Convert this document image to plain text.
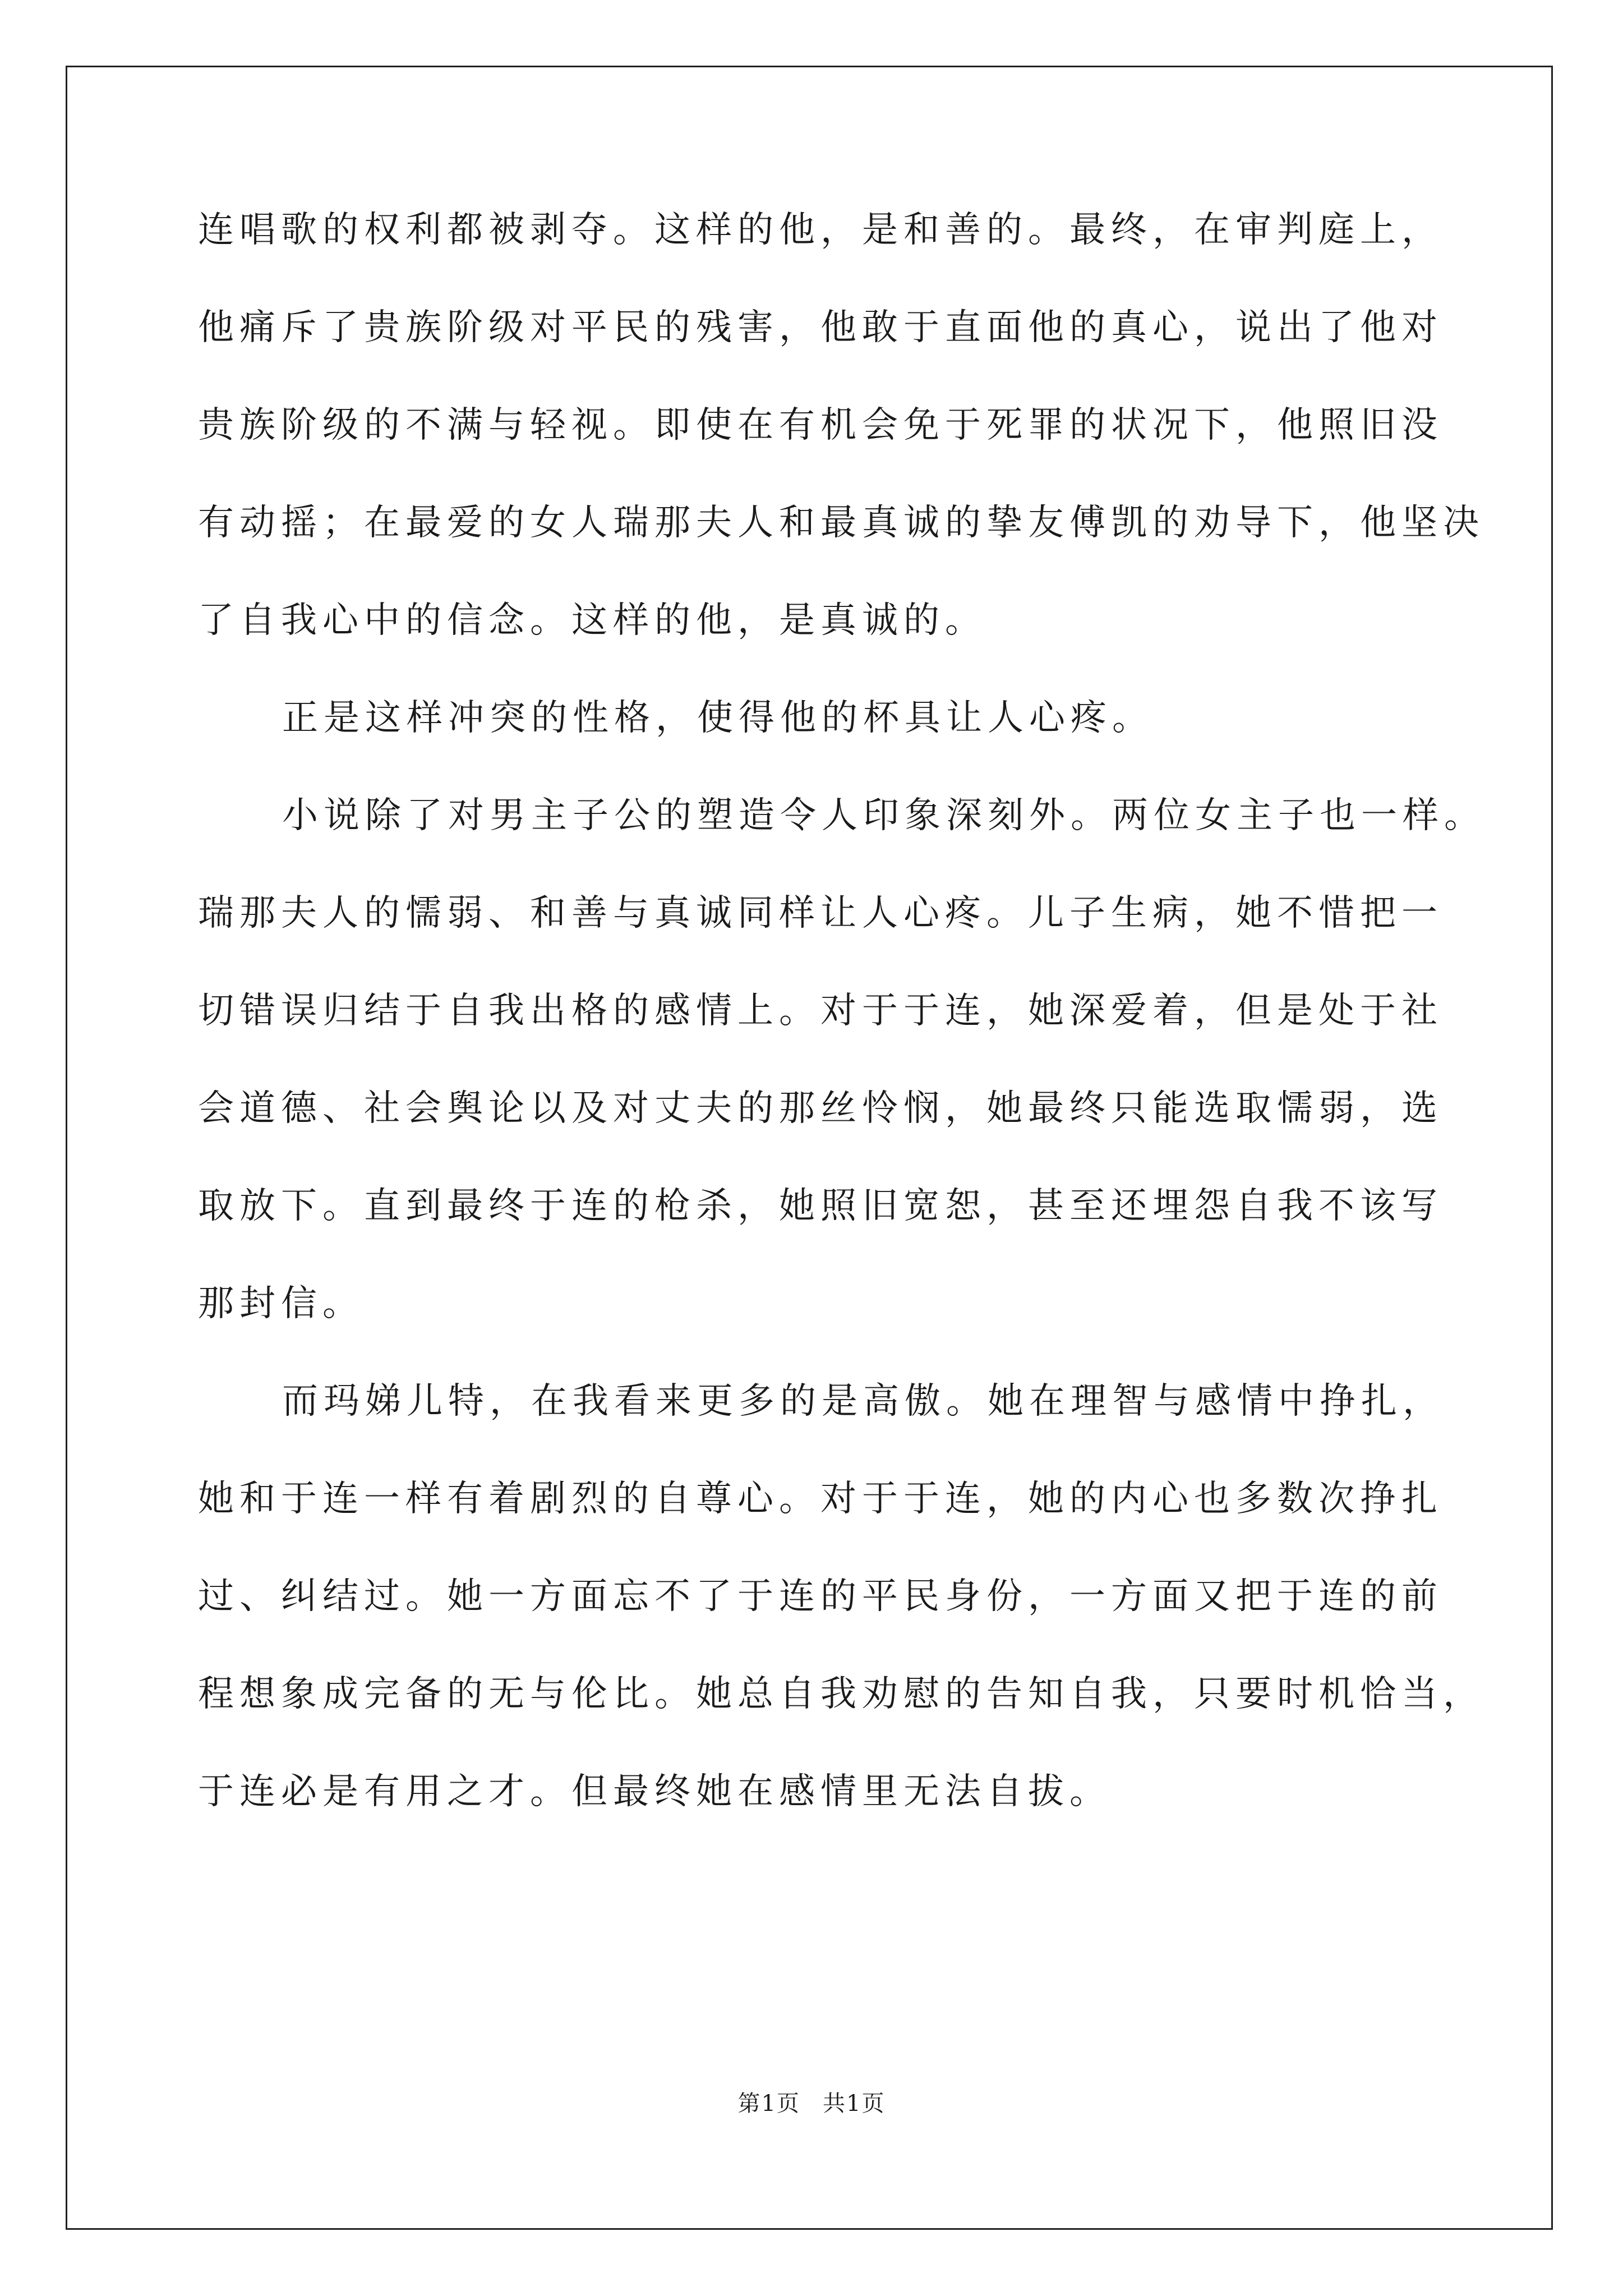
连唱歌的权利都被剥夺。这样的他，是和善的。最终，在审判庭上，
他痛斥了贵族阶级对平民的残害，他敢于直面他的真心，说出了他对
贵族阶级的不满与轻视。即使在有机会免于死罪的状况下，他照旧没
有动摇；在最爱的女人瑞那夫人和最真诚的挚友傅凯的劝导下，他坚决
了自我心中的信念。这样的他，是真诚的。
正是这样冲突的性格，使得他的杯具让人心疼。
小说除了对男主子公的塑造令人印象深刻外。两位女主子也一样。
瑞那夫人的懦弱、和善与真诚同样让人心疼。儿子生病，她不惜把一
切错误归结于自我出格的感情上。对于于连，她深爱着，但是处于社
会道德、社会舆论以及对丈夫的那丝怜悯，她最终只能选取懦弱，选
取放下。直到最终于连的枪杀，她照旧宽恕，甚至还埋怨自我不该写
那封信。
而玛娣儿特，在我看来更多的是高傲。她在理智与感情中挣扎，
她和于连一样有着剧烈的自尊心。对于于连，她的内心也多数次挣扎
过、纠结过。她一方面忘不了于连的平民身份，一方面又把于连的前
程想象成完备的无与伦比。她总自我劝慰的告知自我，只要时机恰当，
于连必是有用之才。但最终她在感情里无法自拔。
第1页 共1页
